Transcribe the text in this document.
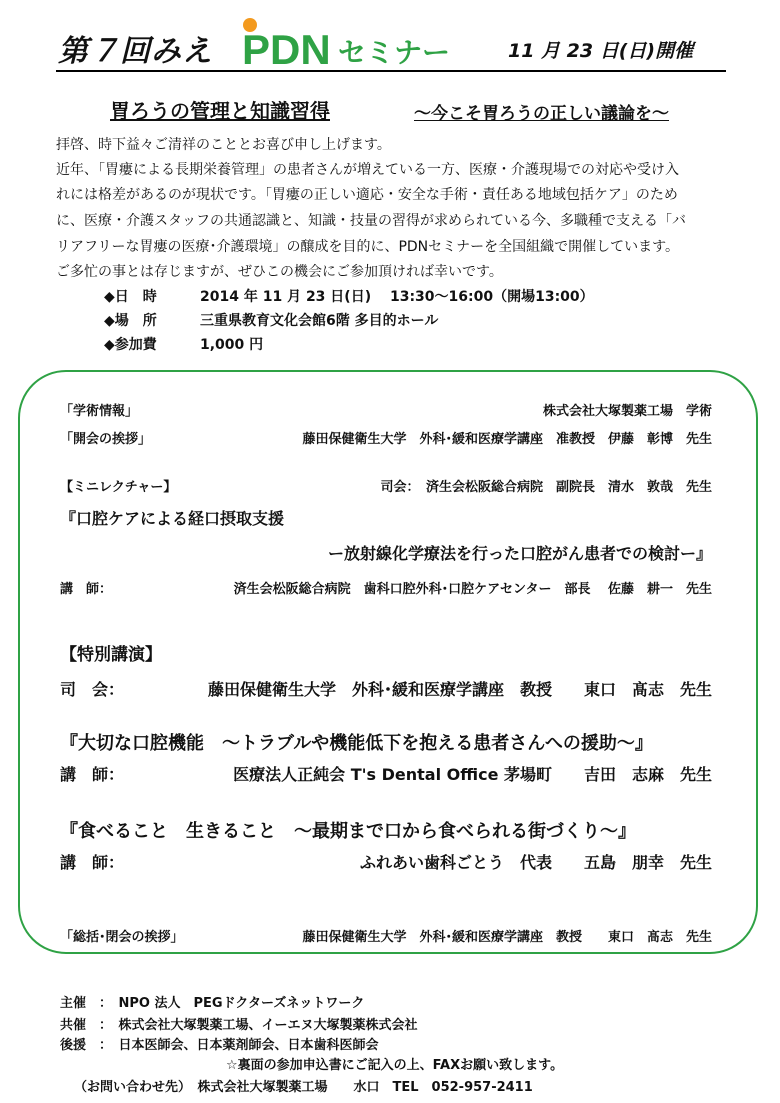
第７回みえ PDN セミナー	11 月 23 日(日)開催
胃ろうの管理と知識習得	～今こそ胃ろうの正しい議論を～
拝啓、時下益々ご清祥のこととお喜び申し上げます。
近年、「胃瘻による長期栄養管理」の患者さんが増えている一方、医療・介護現場での対応や受け入
れには格差があるのが現状です。「胃瘻の正しい適応・安全な手術・責任ある地域包括ケア」のため
に、医療・介護スタッフの共通認識と、知識・技量の習得が求められている今、多職種で支える「バ
リアフリーな胃瘻の医療･介護環境」の醸成を目的に、PDNセミナーを全国組織で開催しています。
ご多忙の事とは存じますが、ぜひこの機会にご参加頂ければ幸いです。
◆日　時	2014 年 11 月 23 日(日)　 13:30～16:00（開場13:00）
◆場　所	三重県教育文化会館6階 多目的ホール
◆参加費	1,000 円
「学術情報」	株式会社大塚製薬工場　学術
「開会の挨拶」	藤田保健衛生大学　外科･緩和医療学講座　准教授　伊藤　彰博　先生
【ミニレクチャー】	司会：　済生会松阪総合病院　副院長　清水　敦哉　先生
『口腔ケアによる経口摂取支援
ー放射線化学療法を行った口腔がん患者での検討ー』
講　師：	済生会松阪総合病院　歯科口腔外科･口腔ケアセンター　部長　 佐藤　耕一　先生
【特別講演】
司　会：	藤田保健衛生大学　外科･緩和医療学講座　教授　　東口　髙志　先生
『大切な口腔機能　～トラブルや機能低下を抱える患者さんへの援助～』
講　師：	医療法人正純会 T's Dental Office 茅場町　　吉田　志麻　先生
『食べること　生きること　～最期まで口から食べられる街づくり～』
講　師：	ふれあい歯科ごとう　代表　　五島　朋幸　先生
「総括･閉会の挨拶」	藤田保健衛生大学　外科･緩和医療学講座　教授　　東口　髙志　先生
主催　：　NPO 法人　PEGドクターズネットワーク
共催　：　株式会社大塚製薬工場、イーエヌ大塚製薬株式会社
後援　：　日本医師会、日本薬剤師会、日本歯科医師会
☆裏面の参加申込書にご記入の上、FAXお願い致します。
（お問い合わせ先）　株式会社大塚製薬工場　　水口　TEL　052-957-2411
